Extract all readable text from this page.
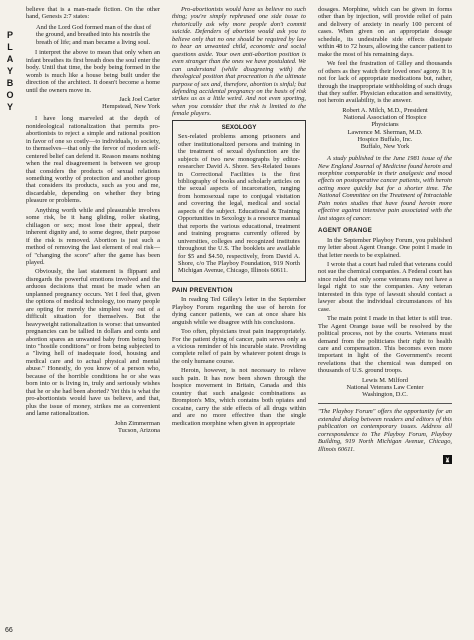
PLAYBOY
66

believe that is a man-made fiction. On the other hand, Genesis 2:7 states:

And the Lord God formed man of the dust of the ground, and breathed into his nostrils the breath of life; and man became a living soul.

I interpret the above to mean that only when an infant breathes its first breath does the soul enter the body. Until that time, the body being formed in the womb is much like a house being built under the direction of the architect. It doesn't become a home until the owners move in.

Jack Joel Carter
Hempstead, New York

I have long marveled at the depth of nonideological rationalization that permits pro-abortionists to reject a simple and rational position in favor of one so costly—to individuals, to society, to themselves—that only the fervor of modern self-centered belief can defend it. Reason means nothing when the real disagreement is between we group that considers the products of sexual relations something worthy of protection and another group that considers its products, such as you and me, discardable, depending on whether they bring pleasure or problems.

Anything worth while and pleasurable involves some risk, be it hang gliding, roller skating, chiliagon or sex; most lose their appeal, their inherent dignity and, to some degree, their purpose if the risk is removed. Abortion is just such a method of removing the last element of real risk—of "changing the score" after the game has been played.

Obviously, the last statement is flippant and disregards the powerful emotions involved and the arduous decisions that must be made when an unplanned pregnancy occurs. Yet I feel that, given the options of medical technology, too many people are opting for merely the simplest way out of a difficult situation for themselves. But the heavyweight rationalization is worse: that unwanted pregnancies can be tallied in dollars and cents and abortion spares an unwanted baby from being born into "hostile conditions" or from being subjected to a "living hell of inadequate food, housing and medical care and to actual physical and mental abuse." Honestly, do you know of a person who, because of the horrible conditions he or she was born into or is living in, truly and seriously wishes that he or she had been aborted? Yet this is what the pro-abortionists would have us believe, and that, plus the issue of money, strikes me as convenient and lame rationalization.

John Zimmerman
Tucson, Arizona

Pro-abortionists would have us believe no such thing; you're simply rephrased one side issue to rhetorically ask why more people don't commit suicide. Defenders of abortion would ask you to believe only that no one should be required by law to bear an unwanted child, economic and social questions aside. Your own anti-abortion position is even stranger than the ones we have postulated. We can understand (while disagreeing with) the theological position that procreation is the ultimate purpose of sex and, therefore, abortion is sinful; but defending accidental pregnancy on the basis of risk strikes us as a little weird. And not even sporting, when you consider that the risk is limited to the female players.

SEXOLOGY

Sex-related problems among prisoners and other institutionalized persons and training in the treatment of sexual dysfunction are the subjects of two new monographs by editor-researcher David A. Shore. Sex-Related Issues in Correctional Facilities is the first bibliography of books and scholarly articles on the sexual aspects of incarceration, ranging from homosexual rape to conjugal visitation and covering the legal, medical and social aspects of the subject. Educational & Training Opportunities in Sexology is a resource manual that reports the various educational, treatment and training programs currently offered by universities, colleges and recognized institutes throughout the U.S. The booklets are available for $5 and $4.50, respectively, from David A. Shore, c/o The Playboy Foundation, 919 North Michigan Avenue, Chicago, Illinois 60611.

PAIN PREVENTION

In reading Ted Gilley's letter in the September Playboy Forum regarding the use of heroin for dying cancer patients, we can at once share his anguish while we disagree with his conclusions.

Too often, physicians treat pain inappropriately. For the patient dying of cancer, pain serves only as a vicious reminder of his incurable state. Providing complete relief of pain by whatever potent drugs is the only humane course.

Heroin, however, is not necessary to relieve such pain. It has now been shown through the hospice movement in Britain, Canada and this country that such analgesic combinations as Brompton's Mix, which contains both opiates and cocaine, carry the side effects of all drugs within and are no more effective than the single medication morphine when given in appropriate

dosages. Morphine, which can be given in forms other than by injection, will provide relief of pain and delivery of anxiety in nearly 100 percent of cases. When given on an appropriate dosage schedule, its undesirable side effects dissipate within 48 to 72 hours, allowing the cancer patient to make the most of his remaining days.

We feel the frustration of Gilley and thousands of others as they watch their loved ones' agony. It is not for lack of appropriate medications but, rather, through the inappropriate withholding of such drugs that they suffer. Physician education and sensitivity, not heroin availability, is the answer.

Robert A. Milch, M.D., President
National Association of Hospice
Physicians
Lawrence M. Sherman, M.D.
Hospice Buffalo, Inc.
Buffalo, New York

A study published in the June 1981 issue of the New England Journal of Medicine found heroin and morphine comparable in their analgesic and mood effects on postoperative cancer patients, with heroin acting more quickly but for a shorter time. The National Committee on the Treatment of Intractable Pain notes studies that have found heroin more effective against intensive pain associated with the last stages of cancer.

AGENT ORANGE

In the September Playboy Forum, you published my letter about Agent Orange. One point I made in that letter needs to be explained.

I wrote that a court had ruled that veterans could not sue the chemical companies. A Federal court has since ruled that only some veterans may not have a legal right to sue the companies. Any veteran interested in this type of lawsuit should contact a lawyer about the individual circumstances of his case.

The main point I made in that letter is still true. The Agent Orange issue will be resolved by the political process, not by the courts. Veterans must demand from the politicians their right to health care and compensation. This becomes even more important in light of the Government's recent revelations that the chemical was dumped on thousands of U.S. ground troops.

Lewis M. Milford
National Veterans Law Center
Washington, D.C.

"The Playboy Forum" offers the opportunity for an extended dialog between readers and editors of this publication on contemporary issues. Address all correspondence to The Playboy Forum, Playboy Building, 919 North Michigan Avenue, Chicago, Illinois 60611.
